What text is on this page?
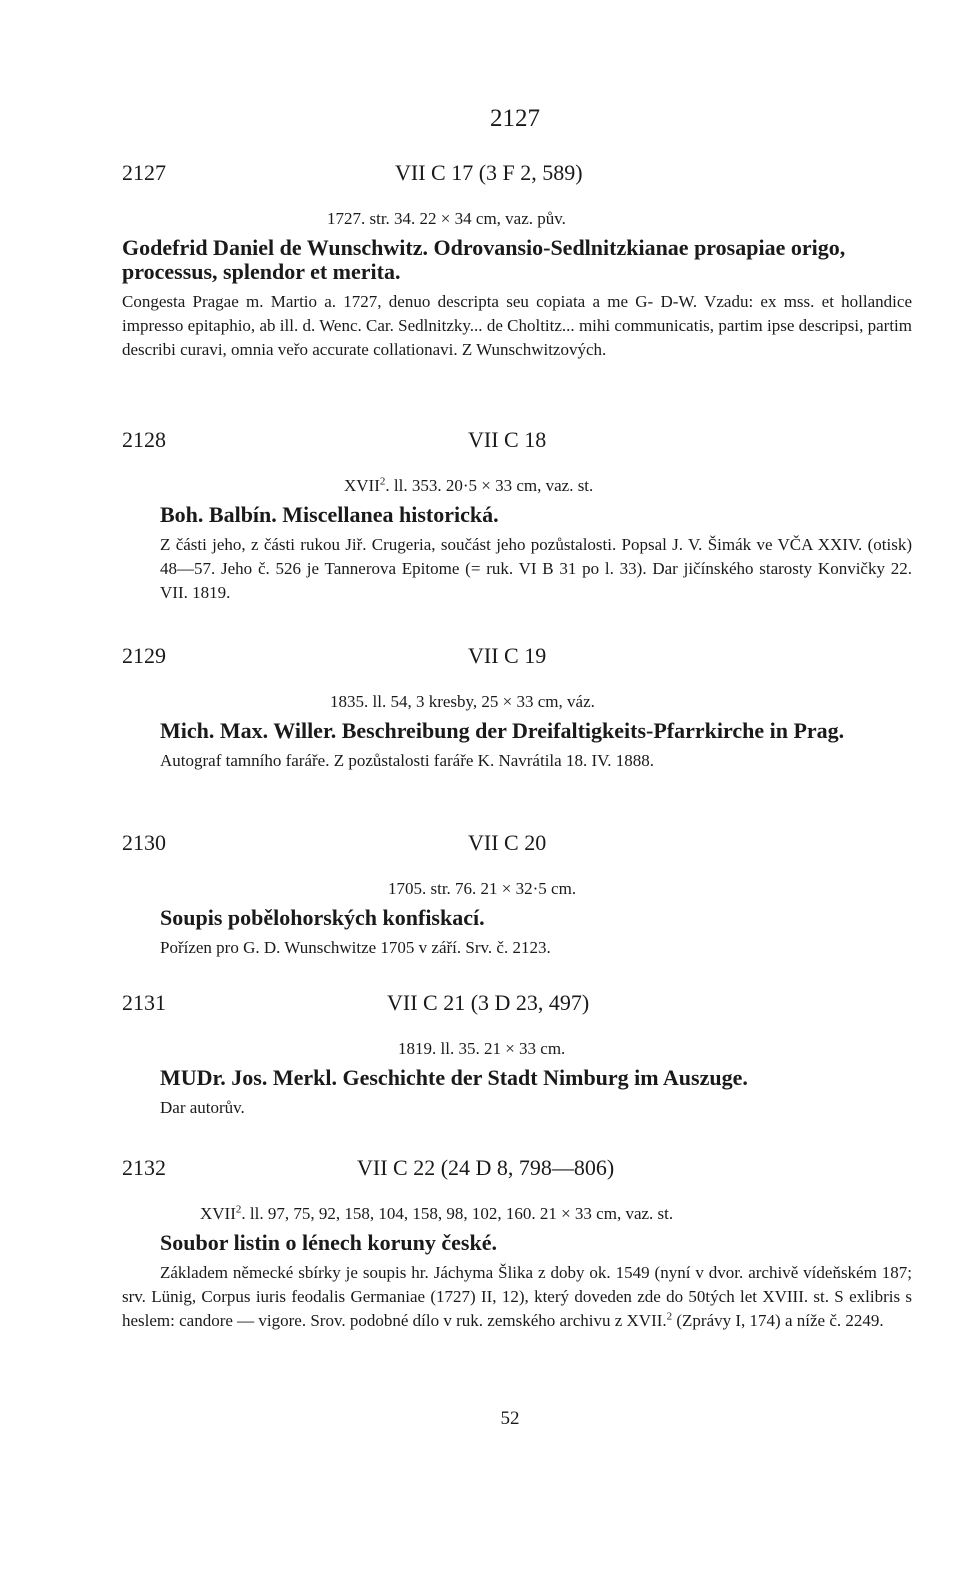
2127
2127	VII C 17 (3 F 2, 589)
1727. str. 34. 22 × 34 cm, vaz. pův.
Godefrid Daniel de Wunschwitz. Odrovansio-Sedlnitzkianae prosapiae origo, processus, splendor et merita.
Congesta Pragae m. Martio a. 1727, denuo descripta seu copiata a me G- D-W. Vzadu: ex mss. et hollandice impresso epitaphio, ab ill. d. Wenc. Car. Sedlnitzky... de Choltitz... mihi communicatis, partim ipse descripsi, partim describi curavi, omnia veřo accurate collationavi. Z Wunschwitzových.
2128	VII C 18
XVII$^2$. ll. 353. 20·5 × 33 cm, vaz. st.
Boh. Balbín. Miscellanea historická.
Z části jeho, z části rukou Jiř. Crugeria, součást jeho pozůstalosti. Popsal J. V. Šimák ve VČA XXIV. (otisk) 48—57. Jeho č. 526 je Tannerova Epitome (= ruk. VI B 31 po l. 33). Dar jičínského starosty Konvičky 22. VII. 1819.
2129	VII C 19
1835. ll. 54, 3 kresby, 25 × 33 cm, váz.
Mich. Max. Willer. Beschreibung der Dreifaltigkeits-Pfarrkirche in Prag.
Autograf tamního faráře. Z pozůstalosti faráře K. Navrátila 18. IV. 1888.
2130	VII C 20
1705. str. 76. 21 × 32·5 cm.
Soupis pobělohorských konfiskací.
Pořízen pro G. D. Wunschwitze 1705 v září. Srv. č. 2123.
2131	VII C 21 (3 D 23, 497)
1819. ll. 35. 21 × 33 cm.
MUDr. Jos. Merkl. Geschichte der Stadt Nimburg im Auszuge.
Dar autorův.
2132	VII C 22 (24 D 8, 798—806)
XVII$^2$. ll. 97, 75, 92, 158, 104, 158, 98, 102, 160. 21 × 33 cm, vaz. st.
Soubor listin o lénech koruny české.
Základem německé sbírky je soupis hr. Jáchyma Šlika z doby ok. 1549 (nyní v dvor. archivě vídeňském 187; srv. Lünig, Corpus iuris feodalis Germaniae (1727) II, 12), který doveden zde do 50tých let XVIII. st. S exlibris s heslem: candore — vigore. Srov. podobné dílo v ruk. zemského archivu z XVII.$^2$ (Zprávy I, 174) a níže č. 2249.
52
